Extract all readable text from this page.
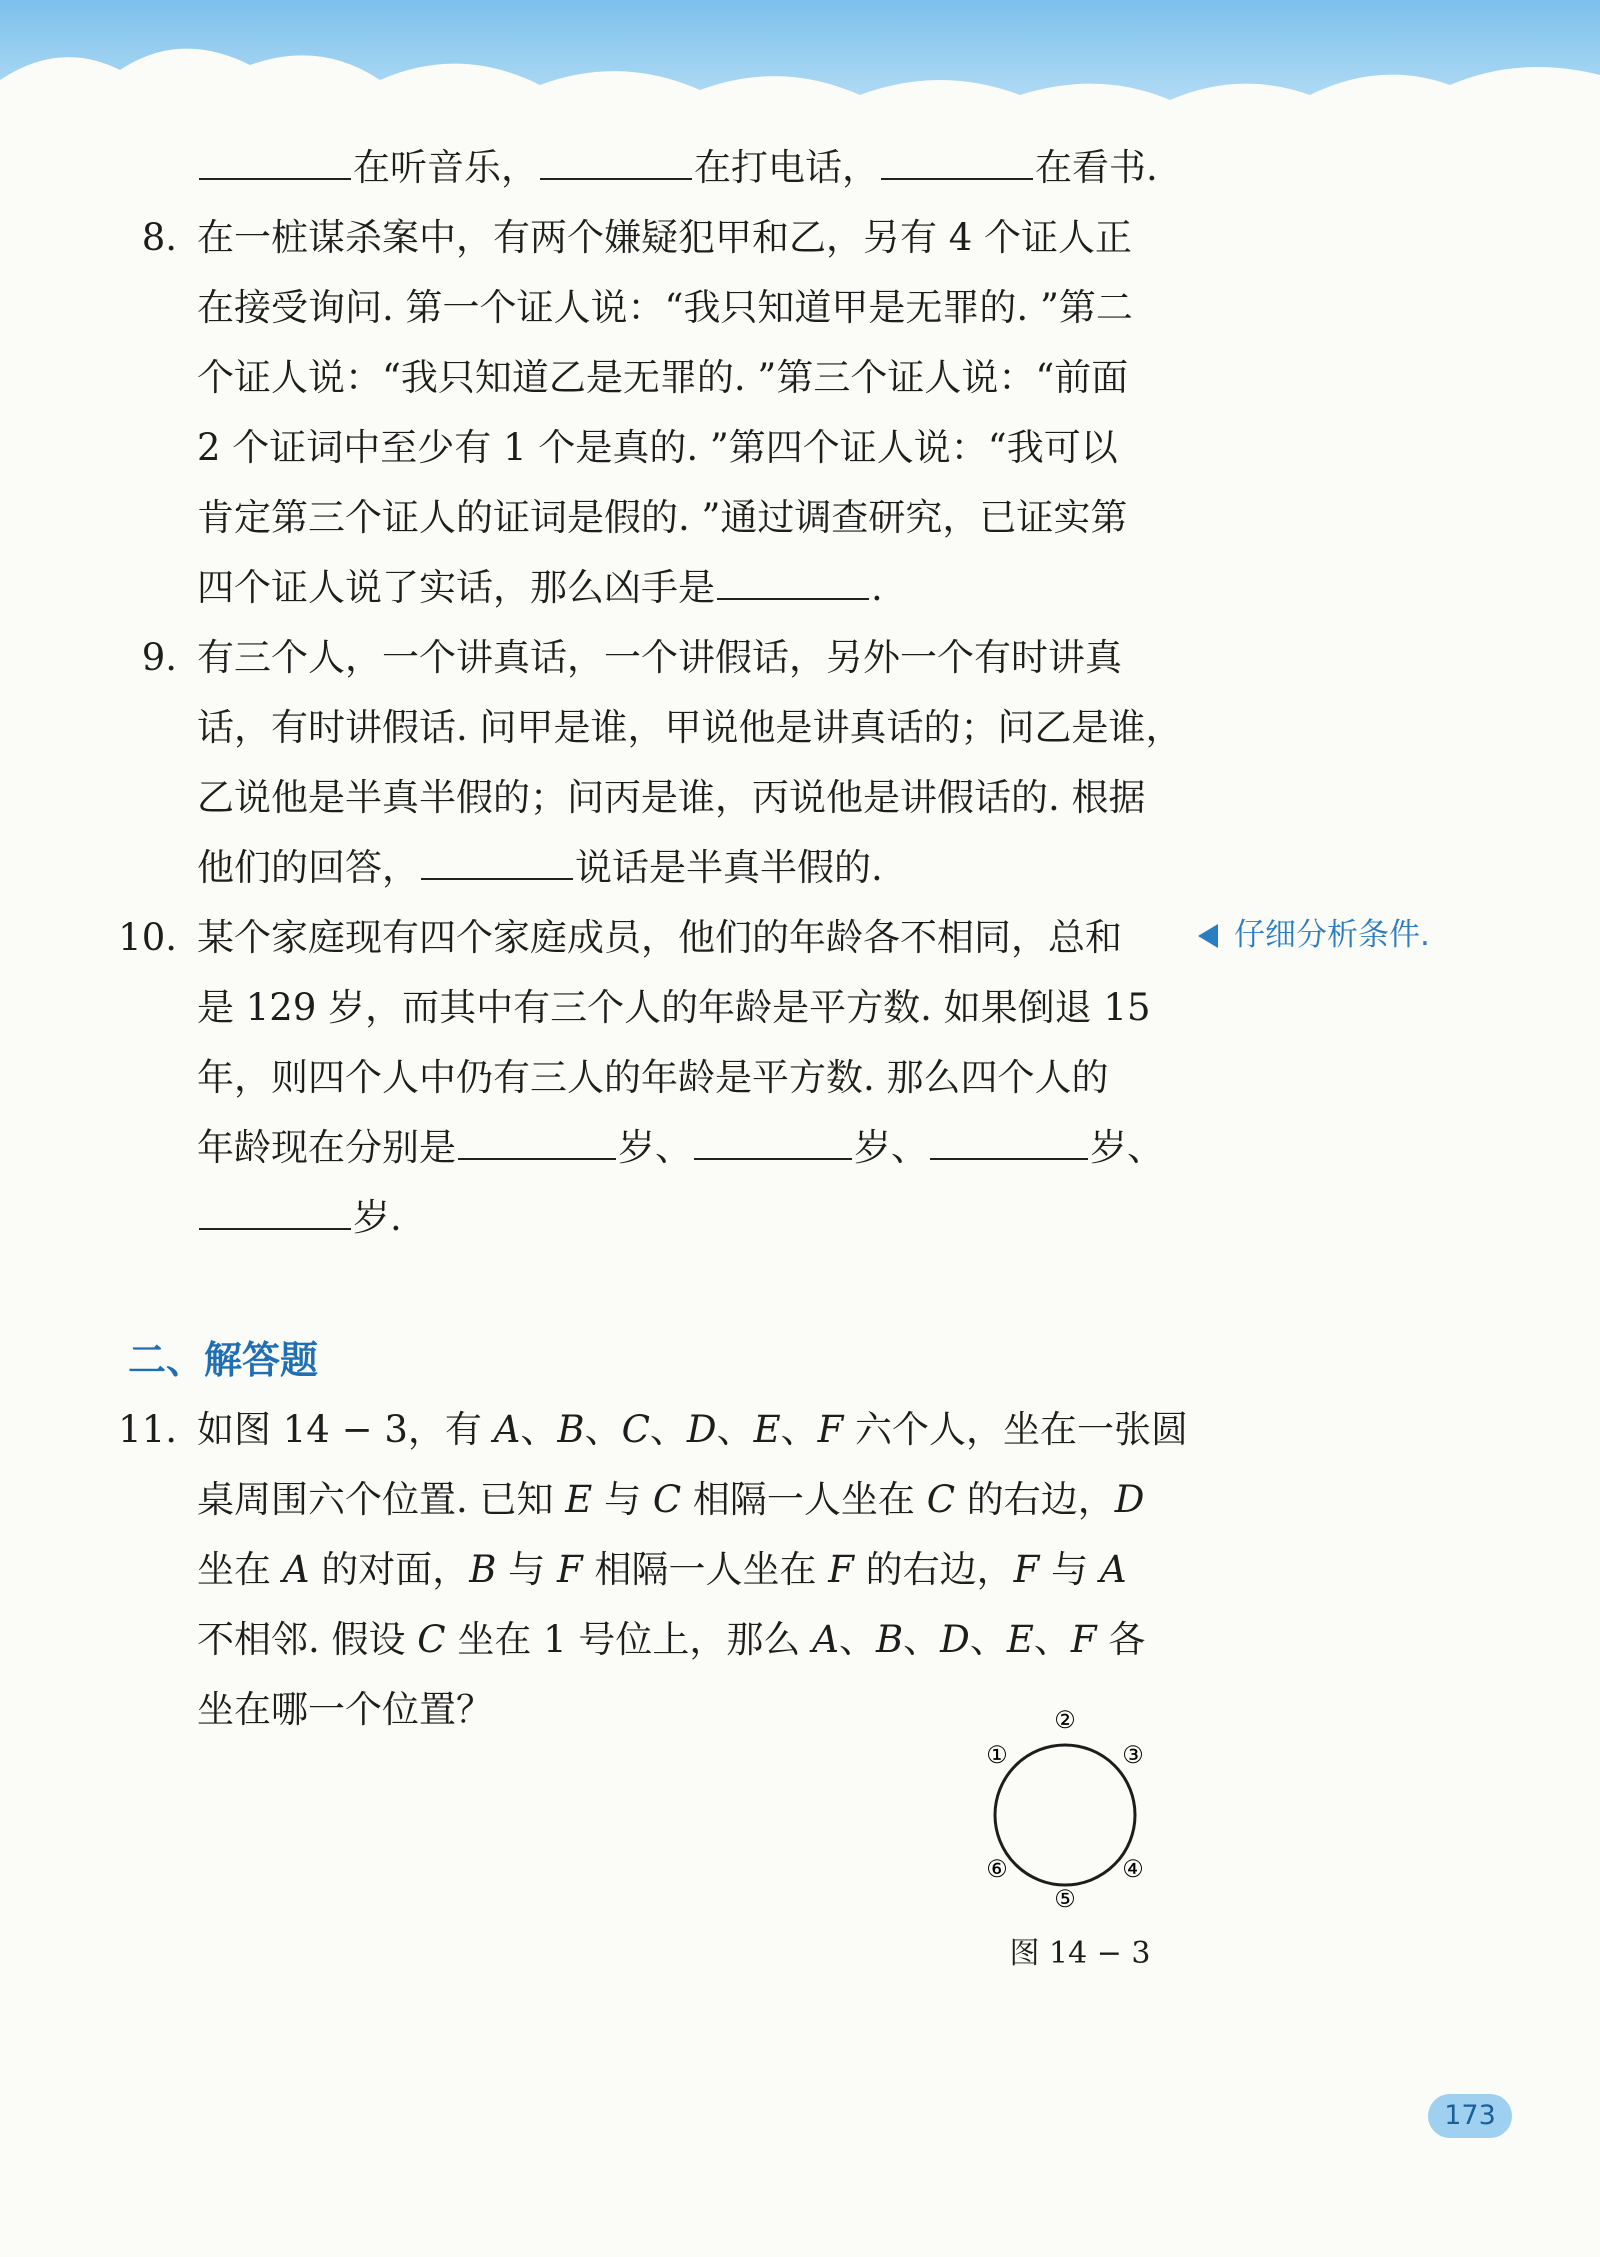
在听音乐，	在打电话，	在看书.
8. 在一桩谋杀案中，有两个嫌疑犯甲和乙，另有 4 个证人正
在接受询问. 第一个证人说：“我只知道甲是无罪的. ”第二
个证人说：“我只知道乙是无罪的. ”第三个证人说：“前面
2 个证词中至少有 1 个是真的. ”第四个证人说：“我可以
肯定第三个证人的证词是假的. ”通过调查研究，已证实第
四个证人说了实话，那么凶手是	.
9. 有三个人，一个讲真话，一个讲假话，另外一个有时讲真
话，有时讲假话. 问甲是谁，甲说他是讲真话的；问乙是谁，
乙说他是半真半假的；问丙是谁，丙说他是讲假话的. 根据
他们的回答，	说话是半真半假的.
10. 某个家庭现有四个家庭成员，他们的年龄各不相同，总和
是 129 岁，而其中有三个人的年龄是平方数. 如果倒退 15
年，则四个人中仍有三人的年龄是平方数. 那么四个人的
年龄现在分别是	岁、	岁、	岁、
岁.
仔细分析条件.
二、解答题
11. 如图 14 − 3，有 A、B、C、D、E、F 六个人，坐在一张圆
桌周围六个位置. 已知 E 与 C 相隔一人坐在 C 的右边，D
坐在 A 的对面，B 与 F 相隔一人坐在 F 的右边，F 与 A
不相邻. 假设 C 坐在 1 号位上，那么 A、B、D、E、F 各
坐在哪一个位置？
①
②
③
④
⑤
⑥
图 14 − 3
173
